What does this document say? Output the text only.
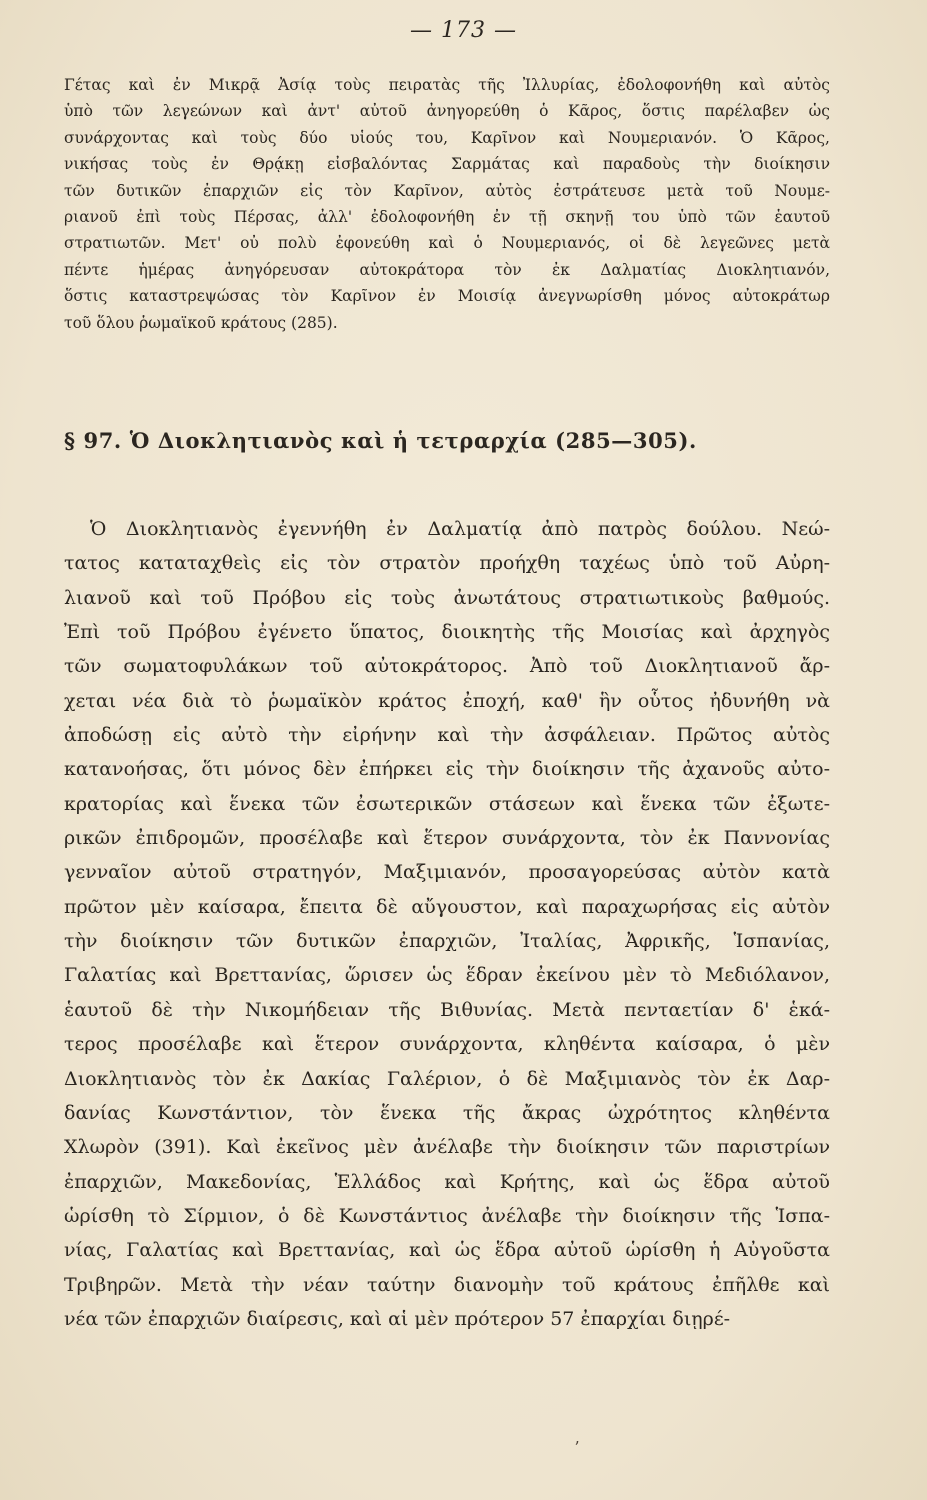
— 173 —
Γέτας καὶ ἐν Μικρᾷ Ἀσίᾳ τοὺς πειρατὰς τῆς Ἰλλυρίας, ἐδολοφονήθη καὶ αὐτὸς
ὑπὸ τῶν λεγεώνων καὶ ἀντ' αὐτοῦ ἀνηγορεύθη ὁ Κᾶρος, ὅστις παρέλαβεν ὡς
συνάρχοντας καὶ τοὺς δύο υἱούς του, Καρῖνον καὶ Νουμεριανόν. Ὁ Κᾶρος,
νικήσας τοὺς ἐν Θρᾴκῃ εἰσβαλόντας Σαρμάτας καὶ παραδοὺς τὴν διοίκησιν
τῶν δυτικῶν ἐπαρχιῶν εἰς τὸν Καρῖνον, αὐτὸς ἐστράτευσε μετὰ τοῦ Νουμε-
ριανοῦ ἐπὶ τοὺς Πέρσας, ἀλλ' ἐδολοφονήθη ἐν τῇ σκηνῇ του ὑπὸ τῶν ἑαυτοῦ
στρατιωτῶν. Μετ' οὐ πολὺ ἐφονεύθη καὶ ὁ Νουμεριανός, οἱ δὲ λεγεῶνες μετὰ
πέντε ἡμέρας ἀνηγόρευσαν αὐτοκράτορα τὸν ἐκ Δαλματίας Διοκλητιανόν,
ὅστις καταστρεψώσας τὸν Καρῖνον ἐν Μοισίᾳ ἀνεγνωρίσθη μόνος αὐτοκράτωρ
τοῦ ὅλου ῥωμαϊκοῦ κράτους (285).
§ 97. Ὁ Διοκλητιανὸς καὶ ἡ τετραρχία (285—305).
Ὁ Διοκλητιανὸς ἐγεννήθη ἐν Δαλματίᾳ ἀπὸ πατρὸς δούλου. Νεώ-
τατος καταταχθεὶς εἰς τὸν στρατὸν προήχθη ταχέως ὑπὸ τοῦ Αὐρη-
λιανοῦ καὶ τοῦ Πρόβου εἰς τοὺς ἀνωτάτους στρατιωτικοὺς βαθμούς.
Ἐπὶ τοῦ Πρόβου ἐγένετο ὕπατος, διοικητὴς τῆς Μοισίας καὶ ἀρχηγὸς
τῶν σωματοφυλάκων τοῦ αὐτοκράτορος. Ἀπὸ τοῦ Διοκλητιανοῦ ἄρ-
χεται νέα διὰ τὸ ῥωμαϊκὸν κράτος ἐποχή, καθ' ἣν οὗτος ἠδυνήθη νὰ
ἀποδώσῃ εἰς αὐτὸ τὴν εἰρήνην καὶ τὴν ἀσφάλειαν. Πρῶτος αὐτὸς
κατανοήσας, ὅτι μόνος δὲν ἐπήρκει εἰς τὴν διοίκησιν τῆς ἀχανοῦς αὐτο-
κρατορίας καὶ ἕνεκα τῶν ἐσωτερικῶν στάσεων καὶ ἕνεκα τῶν ἐξωτε-
ρικῶν ἐπιδρομῶν, προσέλαβε καὶ ἕτερον συνάρχοντα, τὸν ἐκ Παννονίας
γενναῖον αὐτοῦ στρατηγόν, Μαξιμιανόν, προσαγορεύσας αὐτὸν κατὰ
πρῶτον μὲν καίσαρα, ἔπειτα δὲ αὔγουστον, καὶ παραχωρήσας εἰς αὐτὸν
τὴν διοίκησιν τῶν δυτικῶν ἐπαρχιῶν, Ἰταλίας, Ἀφρικῆς, Ἱσπανίας,
Γαλατίας καὶ Βρεττανίας, ὥρισεν ὡς ἕδραν ἐκείνου μὲν τὸ Μεδιόλανον,
ἑαυτοῦ δὲ τὴν Νικομήδειαν τῆς Βιθυνίας. Μετὰ πενταετίαν δ' ἑκά-
τερος προσέλαβε καὶ ἕτερον συνάρχοντα, κληθέντα καίσαρα, ὁ μὲν
Διοκλητιανὸς τὸν ἐκ Δακίας Γαλέριον, ὁ δὲ Μαξιμιανὸς τὸν ἐκ Δαρ-
δανίας Κωνστάντιον, τὸν ἕνεκα τῆς ἄκρας ὠχρότητος κληθέντα
Χλωρὸν (391). Καὶ ἐκεῖνος μὲν ἀνέλαβε τὴν διοίκησιν τῶν παριστρίων
ἐπαρχιῶν, Μακεδονίας, Ἑλλάδος καὶ Κρήτης, καὶ ὡς ἕδρα αὐτοῦ
ὡρίσθη τὸ Σίρμιον, ὁ δὲ Κωνστάντιος ἀνέλαβε τὴν διοίκησιν τῆς Ἱσπα-
νίας, Γαλατίας καὶ Βρεττανίας, καὶ ὡς ἕδρα αὐτοῦ ὡρίσθη ἡ Αὐγοῦστα
Τριβηρῶν. Μετὰ τὴν νέαν ταύτην διανομὴν τοῦ κράτους ἐπῆλθε καὶ
νέα τῶν ἐπαρχιῶν διαίρεσις, καὶ αἱ μὲν πρότερον 57 ἐπαρχίαι διῃρέ-
ʼ
